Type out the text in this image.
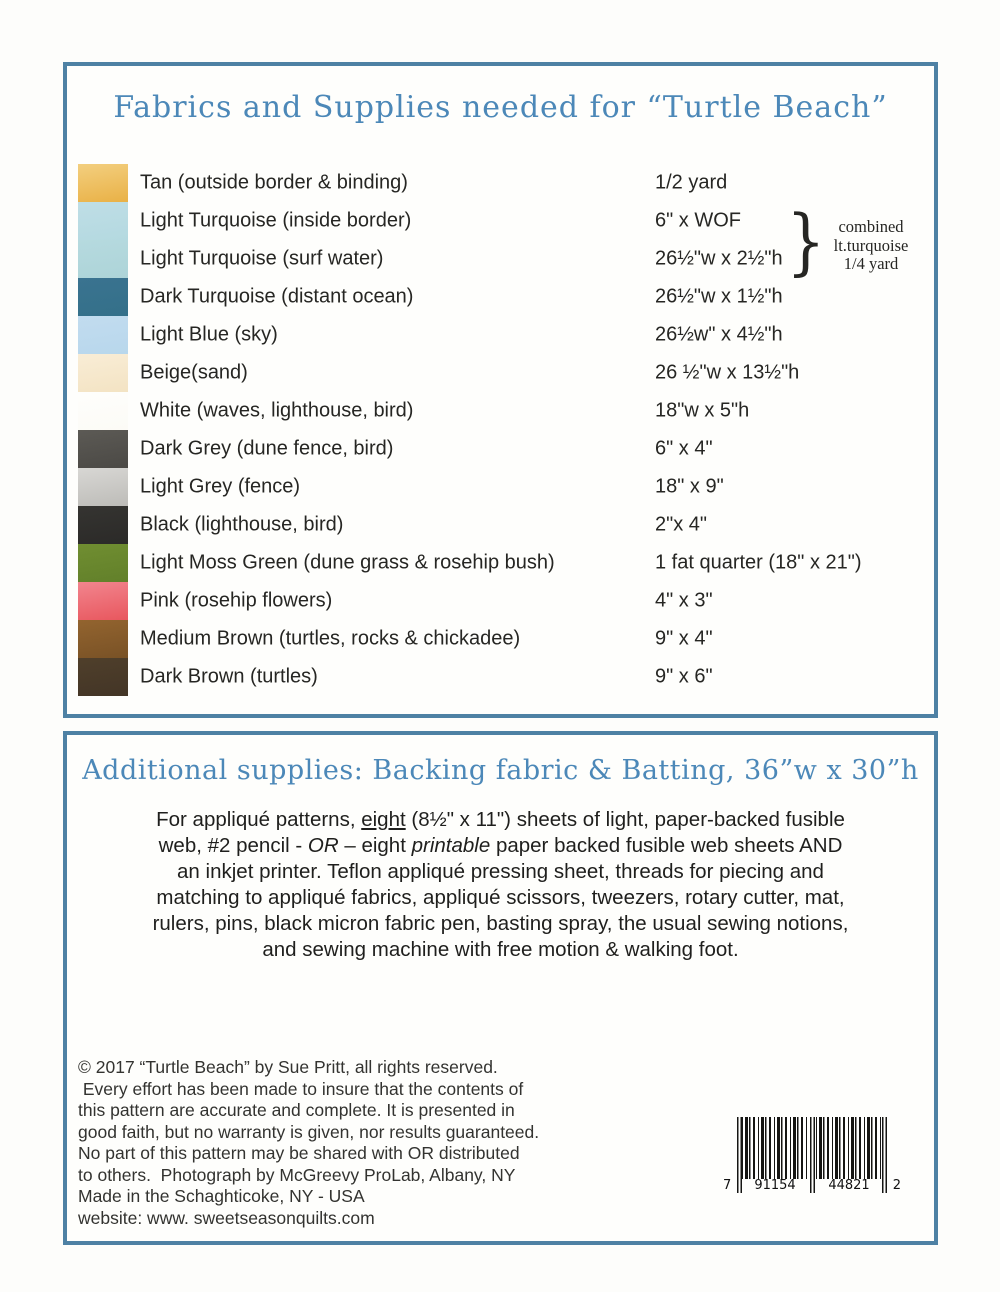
Fabrics and Supplies needed for “Turtle Beach”
Tan (outside border & binding)	1/2 yard
Light Turquoise (inside border)	6" x WOF
Light Turquoise (surf water)	26½"w x 2½"h
Dark Turquoise (distant ocean)	26½"w x 1½"h
Light Blue (sky)	26½w" x 4½"h
Beige(sand)	26 ½"w x 13½"h
White (waves, lighthouse, bird)	18"w x 5"h
Dark Grey (dune fence, bird)	6" x 4"
Light Grey (fence)	18" x 9"
Black (lighthouse, bird)	2"x 4"
Light Moss Green (dune grass & rosehip bush)	1 fat quarter (18" x 21")
Pink (rosehip flowers)	4" x 3"
Medium Brown (turtles, rocks & chickadee)	9" x 4"
Dark Brown (turtles)	9" x 6"
} combined
lt.turquoise
1/4 yard
Additional supplies: Backing fabric & Batting, 36”w x 30”h
For appliqué patterns, eight (8½" x 11") sheets of light, paper-backed fusible
web, #2 pencil - OR – eight printable paper backed fusible web sheets AND
an inkjet printer. Teflon appliqué pressing sheet, threads for piecing and
matching to appliqué fabrics, appliqué scissors, tweezers, rotary cutter, mat,
rulers, pins, black micron fabric pen, basting spray, the usual sewing notions,
and sewing machine with free motion & walking foot.
© 2017 “Turtle Beach” by Sue Pritt, all rights reserved.
Every effort has been made to insure that the contents of
this pattern are accurate and complete. It is presented in
good faith, but no warranty is given, nor results guaranteed.
No part of this pattern may be shared with OR distributed
to others.  Photograph by McGreevy ProLab, Albany, NY
Made in the Schaghticoke, NY - USA
website: www. sweetseasonquilts.com
7	91154	44821	2
